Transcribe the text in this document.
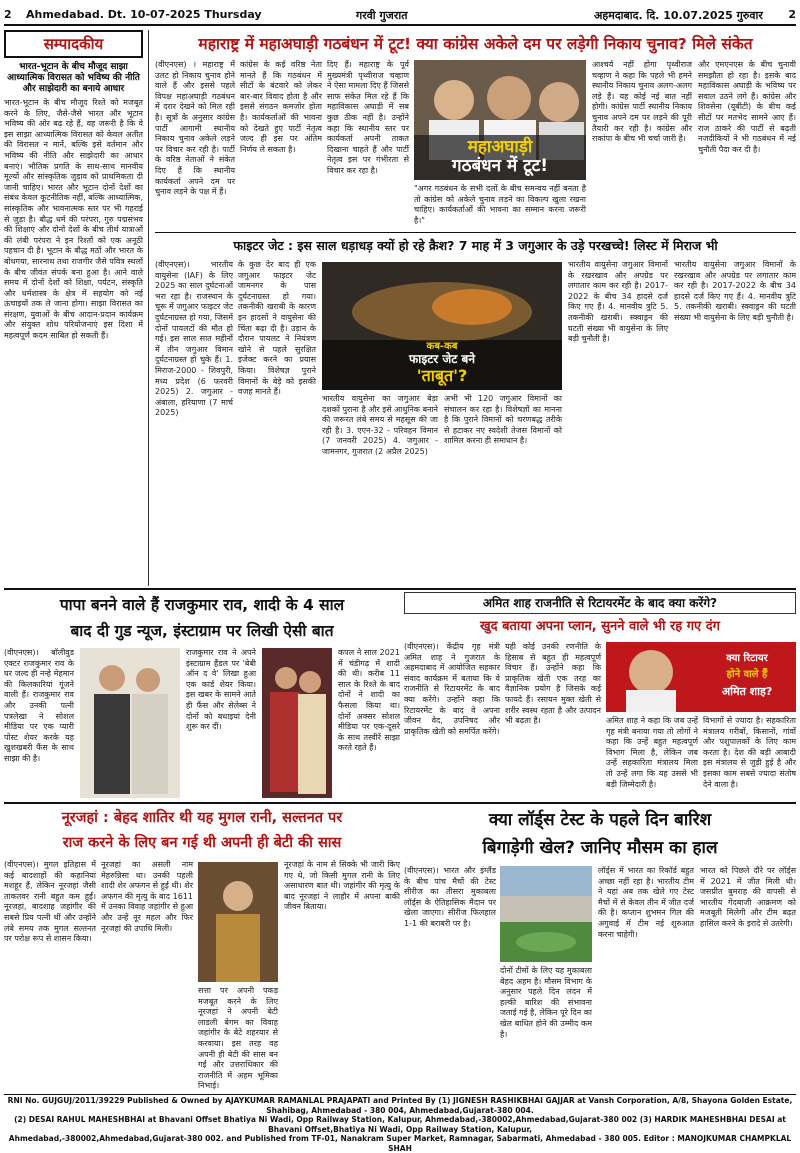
2 Ahmedabad. Dt. 10-07-2025 Thursday	गरवी गुजरात	अहमदाबाद. दि. 10.07.2025 गुरुवार 2
सम्पादकीय
भारत-भूटान के बीच मौजूद साझा आध्यात्मिक विरासत को भविष्य की नीति और साझेदारी का बनाये आधार
भारत-भूटान के बीच मौजूद रिश्ते को मजबूत करने के लिए, जैसे-जैसे भारत और भूटान भविष्य की ओर बढ़ रहे हैं, वह जरूरी है कि वे इस साझा आध्यात्मिक विरासत को केवल अतीत की विरासत न मानें, बल्कि इसे वर्तमान और भविष्य की नीति और साझेदारी का आधार बनाएं। भौतिक प्रगति के साथ-साथ मानवीय मूल्यों और सांस्कृतिक जुड़ाव को प्राथमिकता दी जानी चाहिए। भारत और भूटान दोनों देशों का संबंध केवल कूटनीतिक नहीं, बल्कि आध्यात्मिक, सांस्कृतिक और भावनात्मक स्तर पर भी गहराई से जुड़ा है। बौद्ध धर्म की परंपरा, गुरु पद्मसंभव की शिक्षाएं और दोनों देशों के बीच तीर्थ यात्राओं की लंबी परंपरा ने इन रिश्तों को एक अनूठी पहचान दी है। भूटान के बौद्ध मठों और भारत के बोधगया, सारनाथ तथा राजगीर जैसे पवित्र स्थलों के बीच जीवंत संपर्क बना हुआ है। आने वाले समय में दोनों देशों को शिक्षा, पर्यटन, संस्कृति और धर्मशास्त्र के क्षेत्र में सहयोग को नई ऊंचाइयों तक ले जाना होगा। साझा विरासत का संरक्षण, युवाओं के बीच आदान-प्रदान कार्यक्रम और संयुक्त शोध परियोजनाएं इस दिशा में महत्वपूर्ण कदम साबित हो सकती हैं।
महाराष्ट्र में महाअघाड़ी गठबंधन में टूट! क्या कांग्रेस अकेले दम पर लड़ेगी निकाय चुनाव? मिले संकेत
(वीएनएस) । महाराष्ट्र में उलट हो निकाय चुनाव होने वाले हैं और इससे पहले विपक्ष महाअघाड़ी गठबंधन में दरार देखने को मिल रही है। सूत्रों के अनुसार कांग्रेस पार्टी आगामी स्थानीय निकाय चुनाव अकेले लड़ने पर विचार कर रही है। पार्टी के वरिष्ठ नेताओं ने संकेत दिए हैं कि स्थानीय कार्यकर्ता अपने दम पर चुनाव लड़ने के पक्ष में हैं।
कांग्रेस के कई वरिष्ठ नेता मानते हैं कि गठबंधन में सीटों के बंटवारे को लेकर बार-बार विवाद होता है और इससे संगठन कमजोर होता है। कार्यकर्ताओं की भावना को देखते हुए पार्टी नेतृत्व जल्द ही इस पर अंतिम निर्णय ले सकता है।
दिए हैं। महाराष्ट्र के पूर्व मुख्यमंत्री पृथ्वीराज चव्हाण ने ऐसा मामला दिए हैं जिससे साफ संकेत मिल रहे हैं कि महाविकास अघाड़ी में सब कुछ ठीक नहीं है। उन्होंने कहा कि स्थानीय स्तर पर कार्यकर्ता अपनी ताकत दिखाना चाहते हैं और पार्टी नेतृत्व इस पर गंभीरता से विचार कर रहा है।
महाअघाड़ी
गठबंधन में टूट!
"अगर गठबंधन के सभी दलों के बीच समन्वय नहीं बनता है तो कांग्रेस को अकेले चुनाव लड़ने का विकल्प खुला रखना चाहिए। कार्यकर्ताओं की भावना का सम्मान करना जरूरी है।"
आश्चर्य नहीं होगा पृथ्वीराज चव्हाण ने कहा कि पहले भी हमने स्थानीय निकाय चुनाव अलग-अलग लड़े हैं। यह कोई नई बात नहीं होगी। कांग्रेस पार्टी स्थानीय निकाय चुनाव अपने दम पर लड़ने की पूरी तैयारी कर रही है। कांग्रेस और राकांपा के बीच भी चर्चा जारी है।
और एमएनएस के बीच चुनावी समझौता हो रहा है। इसके बाद महाविकास अघाड़ी के भविष्य पर सवाल उठने लगे हैं। कांग्रेस और शिवसेना (यूबीटी) के बीच कई सीटों पर मतभेद सामने आए हैं। राज ठाकरे की पार्टी से बढ़ती नजदीकियों ने भी गठबंधन में नई चुनौती पैदा कर दी है।
फाइटर जेट : इस साल धड़ाधड़ क्यों हो रहे क्रैश? 7 माह में 3 जगुआर के उड़े परखच्चे! लिस्ट में मिराज भी
(वीएनएस)। भारतीय वायुसेना (IAF) के लिए 2025 का साल दुर्घटनाओं भरा रहा है। राजस्थान के चूरू में जगुआर फाइटर जेट दुर्घटनाग्रस्त हो गया, जिसमें दोनों पायलटों की मौत हो गई। इस साल सात महीनों में तीन जगुआर विमान दुर्घटनाग्रस्त हो चुके हैं। 1. मिराज-2000 - शिवपुरी, मध्य प्रदेश (6 फरवरी 2025) 2. जगुआर - अंबाला, हरियाणा (7 मार्च 2025)
के कुछ देर बाद ही एक जगुआर फाइटर जेट जामनगर के पास दुर्घटनाग्रस्त हो गया। तकनीकी खराबी के कारण इन हादसों ने वायुसेना की चिंता बढ़ा दी है। उड़ान के दौरान पायलट ने नियंत्रण खोने से पहले सुरक्षित इजेक्ट करने का प्रयास किया। विशेषज्ञ पुराने विमानों के बेड़े को इसकी वजह मानते हैं।
कब-कब
फाइटर जेट बने
'ताबूत'?
भारतीय वायुसेना का जगुआर बेड़ा दशकों पुराना है और इसे आधुनिक बनाने की जरूरत लंबे समय से महसूस की जा रही है। 3. एएन-32 - परिवहन विमान (7 जनवरी 2025) 4. जगुआर - जामनगर, गुजरात (2 अप्रैल 2025)
अभी भी 120 जगुआर विमानों का संचालन कर रहा है। विशेषज्ञों का मानना है कि पुराने विमानों को चरणबद्ध तरीके से हटाकर नए स्वदेशी तेजस विमानों को शामिल करना ही समाधान है।
भारतीय वायुसेना जगुआर विमानों के रखरखाव और अपग्रेड पर लगातार काम कर रही है। 2017-2022 के बीच 34 हादसे दर्ज किए गए हैं। 4. मानवीय त्रुटि 5. तकनीकी खराबी। स्क्वाड्रन की घटती संख्या भी वायुसेना के लिए बड़ी चुनौती है।
भारतीय वायुसेना जगुआर विमानों के रखरखाव और अपग्रेड पर लगातार काम कर रही है। 2017-2022 के बीच 34 हादसे दर्ज किए गए हैं। 4. मानवीय त्रुटि 5. तकनीकी खराबी। स्क्वाड्रन की घटती संख्या भी वायुसेना के लिए बड़ी चुनौती है।
अमित शाह राजनीति से रिटायरमेंट के बाद क्या करेंगे?
खुद बताया अपना प्लान, सुनने वाले भी रह गए दंग
(वीएनएस)। केंद्रीय गृह मंत्री अमित शाह ने गुजरात के अहमदाबाद में आयोजित सहकार संवाद कार्यक्रम में बताया कि वे राजनीति से रिटायरमेंट के बाद क्या करेंगे। उन्होंने कहा कि रिटायरमेंट के बाद वे अपना जीवन वेद, उपनिषद और प्राकृतिक खेती को समर्पित करेंगे।
यही कोई उनकी रणनीति के हिसाब से बहुत ही महत्वपूर्ण विचार हैं। उन्होंने कहा कि प्राकृतिक खेती एक तरह का वैज्ञानिक प्रयोग है जिसके कई फायदे हैं। रसायन मुक्त खेती से शरीर स्वस्थ रहता है और उत्पादन भी बढ़ता है।
क्या रिटायर
होने वाले हैं
अमित शाह?
अमित शाह ने कहा कि जब उन्हें गृह मंत्री बनाया गया तो लोगों ने कहा कि उन्हें बहुत महत्वपूर्ण विभाग मिला है, लेकिन जब उन्हें सहकारिता मंत्रालय मिला तो उन्हें लगा कि यह उससे भी बड़ी जिम्मेदारी है।
विभागों से ज्यादा है। सहकारिता मंत्रालय गरीबों, किसानों, गांवों और पशुपालकों के लिए काम करता है। देश की बड़ी आबादी इस मंत्रालय से जुड़ी हुई है और इसका काम सबसे ज्यादा संतोष देने वाला है।
पापा बनने वाले हैं राजकुमार राव, शादी के 4 साल
बाद दी गुड न्यूज, इंस्टाग्राम पर लिखी ऐसी बात
(वीएनएस)। बॉलीवुड एक्टर राजकुमार राव के घर जल्द ही नन्हे मेहमान की किलकारियां गूंजने वाली हैं। राजकुमार राव और उनकी पत्नी पत्रलेखा ने सोशल मीडिया पर एक प्यारी पोस्ट शेयर करके यह खुशखबरी फैंस के साथ साझा की है।
राजकुमार राव ने अपने इंस्टाग्राम हैंडल पर 'बेबी ऑन द वे' लिखा हुआ एक कार्ड शेयर किया। इस खबर के सामने आते ही फैंस और सेलेब्स ने दोनों को बधाइयां देनी शुरू कर दीं।
कपल ने साल 2021 में चंडीगढ़ में शादी की थी। करीब 11 साल के रिश्ते के बाद दोनों ने शादी का फैसला किया था। दोनों अक्सर सोशल मीडिया पर एक-दूसरे के साथ तस्वीरें साझा करते रहते हैं।
नूरजहां : बेहद शातिर थी यह मुगल रानी, सल्तनत पर
राज करने के लिए बन गई थी अपनी ही बेटी की सास
(वीएनएस)। मुगल इतिहास में कई बादशाहों की कहानियां मशहूर हैं, लेकिन नूरजहां जैसी ताकतवर रानी बहुत कम हुईं। नूरजहां, बादशाह जहांगीर की सबसे प्रिय पत्नी थीं और उन्होंने लंबे समय तक मुगल सल्तनत पर परोक्ष रूप से शासन किया।
नूरजहां का असली नाम मेहरुन्निसा था। उनकी पहली शादी शेर अफगन से हुई थी। शेर अफगन की मृत्यु के बाद 1611 में उनका विवाह जहांगीर से हुआ और उन्हें नूर महल और फिर नूरजहां की उपाधि मिली।
सत्ता पर अपनी पकड़ मजबूत करने के लिए नूरजहां ने अपनी बेटी लाडली बेगम का विवाह जहांगीर के बेटे शहरयार से करवाया। इस तरह वह अपनी ही बेटी की सास बन गईं और उत्तराधिकार की राजनीति में अहम भूमिका निभाई।
नूरजहां के नाम से सिक्के भी जारी किए गए थे, जो किसी मुगल रानी के लिए असाधारण बात थी। जहांगीर की मृत्यु के बाद नूरजहां ने लाहौर में अपना बाकी जीवन बिताया।
क्या लॉर्ड्स टेस्ट के पहले दिन बारिश
बिगाड़ेगी खेल? जानिए मौसम का हाल
(वीएनएस)। भारत और इंग्लैंड के बीच पांच मैचों की टेस्ट सीरीज का तीसरा मुकाबला लॉर्ड्स के ऐतिहासिक मैदान पर खेला जाएगा। सीरीज फिलहाल 1-1 की बराबरी पर है।
दोनों टीमों के लिए यह मुकाबला बेहद अहम है। मौसम विभाग के अनुसार पहले दिन लंदन में हल्की बारिश की संभावना जताई गई है, लेकिन पूरे दिन का खेल बाधित होने की उम्मीद कम है।
लॉर्ड्स में भारत का रिकॉर्ड बहुत अच्छा नहीं रहा है। भारतीय टीम ने यहां अब तक खेले गए टेस्ट मैचों में से केवल तीन में जीत दर्ज की है। कप्तान शुभमन गिल की अगुवाई में टीम नई शुरुआत करना चाहेगी।
भारत को पिछले दौरे पर लॉर्ड्स में 2021 में जीत मिली थी। जसप्रीत बुमराह की वापसी से भारतीय गेंदबाजी आक्रमण को मजबूती मिलेगी और टीम बढ़त हासिल करने के इरादे से उतरेगी।
RNI No. GUJGUJ/2011/39229 Published & Owned by AJAYKUMAR RAMANLAL PRAJAPATI and Printed By (1) JIGNESH RASHIKBHAI GAJJAR at Vansh Corporation, A/8, Shayona Golden Estate, Shahibag, Ahmedabad - 380 004, Ahmedabad,Gujarat-380 004.
(2) DESAI RAHUL MAHESHBHAI at Bhavani Offset Bhatiya Ni Wadi, Opp Railway Station, Kalupur, Ahmedabad,-380002,Ahmedabad,Gujarat-380 002 (3) HARDIK MAHESHBHAI DESAI at Bhavani Offset,Bhatiya Ni Wadi, Opp Railway Station, Kalupur,
Ahmedabad,-380002,Ahmedabad,Gujarat-380 002. and Published from TF-01, Nanakram Super Market, Ramnagar, Sabarmati, Ahmedabad - 380 005. Editor : MANOJKUMAR CHAMPKLAL SHAH
